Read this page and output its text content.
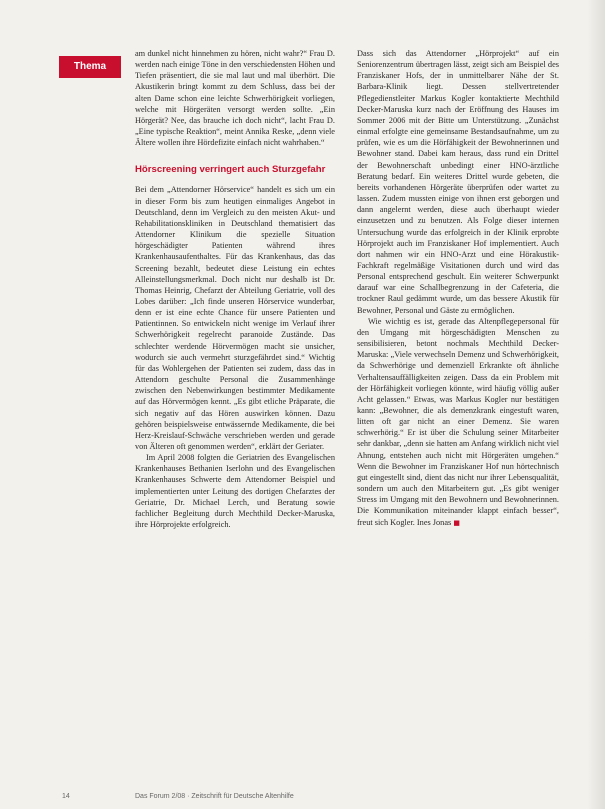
Thema

am dunkel nicht hinnehmen zu hören, nicht wahr?“ Frau D. werden nach einige Töne in den verschiedensten Höhen und Tiefen präsentiert, die sie mal laut und mal überhört. Die Akustikerin bringt kommt zu dem Schluss, dass bei der alten Dame schon eine leichte Schwerhörigkeit vorliegen, welche mit Hörgeräten versorgt werden sollte. „Ein Hörgerät? Nee, das brauche ich doch nicht“, lacht Frau D. „Eine typische Reaktion“, meint Annika Reske, „denn viele Ältere wollen ihre Hördefizite einfach nicht wahrhaben.“

Hörscreening verringert auch Sturzgefahr

Bei dem „Attendorner Hörservice“ handelt es sich um ein in dieser Form bis zum heutigen einmaliges Angebot in Deutschland, denn im Vergleich zu den meisten Akut- und Rehabilitationskliniken in Deutschland thematisiert das Attendorner Klinikum die spezielle Situation hörgeschädigter Patienten während ihres Krankenhausaufenthaltes. Für das Krankenhaus, das das Screening bezahlt, bedeutet diese Leistung ein echtes Alleinstellungsmerkmal. Doch nicht nur deshalb ist Dr. Thomas Heinrig, Chefarzt der Abteilung Geriatrie, voll des Lobes darüber: „Ich finde unseren Hörservice wunderbar, denn er ist eine echte Chance für unsere Patienten und Patientinnen. So entwickeln nicht wenige im Verlauf ihrer Schwerhörigkeit regelrecht paranoide Zustände. Das schlechter werdende Hörvermögen macht sie unsicher, wodurch sie auch vermehrt sturzgefährdet sind.“ Wichtig für das Wohlergehen der Patienten sei zudem, dass das in Attendorn geschulte Personal die Zusammenhänge zwischen den Nebenwirkungen bestimmter Medikamente auf das Hörvermögen kennt. „Es gibt etliche Präparate, die sich negativ auf das Hören auswirken können. Dazu gehören beispielsweise entwässernde Medikamente, die bei Herz-Kreislauf-Schwäche verschrieben werden und gerade von Älteren oft genommen werden“, erklärt der Geriater.

Im April 2008 folgten die Geriatrien des Evangelischen Krankenhauses Bethanien Iserlohn und des Evangelischen Krankenhauses Schwerte dem Attendorner Beispiel und implementierten unter Leitung des dortigen Chefarztes der Geriatrie, Dr. Michael Lerch, und Beratung sowie fachlicher Begleitung durch Mechthild Decker-Maruska, ihre Hörprojekte erfolgreich.

Dass sich das Attendorner „Hörprojekt“ auf ein Seniorenzentrum übertragen lässt, zeigt sich am Beispiel des Franziskaner Hofs, der in unmittelbarer Nähe der St. Barbara-Klinik liegt. Dessen stellvertretender Pflegedienstleiter Markus Kogler kontaktierte Mechthild Decker-Maruska kurz nach der Eröffnung des Hauses im Sommer 2006 mit der Bitte um Unterstützung. „Zunächst einmal erfolgte eine gemeinsame Bestandsaufnahme, um zu prüfen, wie es um die Hörfähigkeit der Bewohnerinnen und Bewohner stand. Dabei kam heraus, dass rund ein Drittel der Bewohnerschaft unbedingt einer HNO-ärztliche Beratung bedarf. Ein weiteres Drittel wurde gebeten, die bereits vorhandenen Hörgeräte überprüfen oder wartet zu lassen. Zudem mussten einige von ihnen erst geborgen und dann angelernt werden, diese auch überhaupt wieder einzusetzen und zu benutzen. Als Folge dieser internen Untersuchung wurde das erfolgreich in der Klinik erprobte Hörprojekt auch im Franziskaner Hof implementiert. Auch dort nahmen wir ein HNO-Arzt und eine Hörakustik-Fachkraft regelmäßige Visitationen durch und wird das Personal entsprechend geschult. Ein weiterer Schwerpunkt darauf war eine Schallbegrenzung in der Cafeteria, die trockner Raul gedämmt wurde, um das bessere Akustik für Bewohner, Personal und Gäste zu ermöglichen.

Wie wichtig es ist, gerade das Altenpflegepersonal für den Umgang mit hörgeschädigten Menschen zu sensibilisieren, betont nochmals Mechthild Decker-Maruska: „Viele verwechseln Demenz und Schwerhörigkeit, da Schwerhörige und demenziell Erkrankte oft ähnliche Verhaltensauffälligkeiten zeigen. Dass da ein Problem mit der Hörfähigkeit vorliegen könnte, wird häufig völlig außer Acht gelassen.“ Etwas, was Markus Kogler nur bestätigen kann: „Bewohner, die als demenzkrank eingestuft waren, litten oft gar nicht an einer Demenz. Sie waren schwerhörig.“ Er ist über die Schulung seiner Mitarbeiter sehr dankbar, „denn sie hatten am Anfang wirklich nicht viel Ahnung, entstehen auch nicht mit Hörgeräten umgehen.“ Wenn die Bewohner im Franziskaner Hof nun hörtechnisch gut eingestellt sind, dient das nicht nur ihrer Lebensqualität, sondern um auch den Mitarbeitern gut. „Es gibt weniger Stress im Umgang mit den Bewohnern und Bewohnerinnen. Die Kommunikation miteinander klappt einfach besser“, freut sich Kogler. Ines Jonas ■

14	Das Forum 2/08 · Zeitschrift für Deutsche Altenhilfe
